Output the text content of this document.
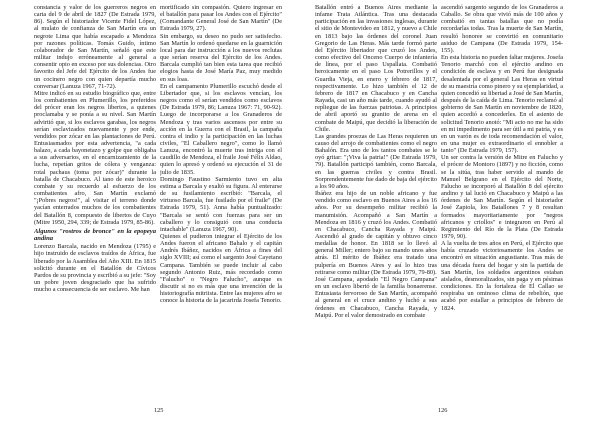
constancia y valor de los guerreros negros en carta del 9 de abril de 1827 (De Estrada 1979, 86). Según el historiador Vicente Fidel López, al mulato de confianza de San Martín era un negrote Lima que había escapado a Mendoza por razones políticas. Tomás Guido, íntimo colaborador de San Martín, señaló que este militar indujo erróneamente al general a consentir opio en exceso por sus dolencias. Otro favorito del Jefe del Ejército de los Andes fue un cocinero negro con quien departía mucho conversar (Lanuza 1967, 71-72).

Mitre indicó en su estudio biográfico que, entre los combatientes en Plumerillo, los preferidos del prócer eran los negros libertos, a quienes proclamaba y se ponía a su nivel. San Martín advirtió que, si los esclavos garabas, los negros serían esclavizados nuevamente y por ende, vendidos por zócar en las plantaciones de Perú. Entusiasmados por esta advertencia, "a cada balazo, a cada bayonetazo y golpe que obligaba a sus adversarios, en el encarnizamiento de la lucha, repetían gritos de cólera y venganza: rotal pachaus (toma por zócar)" durante la batalla de Chacabuco. Al tano de este heroico combate y su recuerdo al esfuerzo de los combatientes afro, San Martín exclamó "¡Pobres negros!", al visitar el terreno donde yacían enterrados muchos de los combatientes del Batallón 8, compuesto de libertos de Cuyo (Mitre 1950, 294, 339; de Estrada 1979, 85-86).

Algunos "rostros de bronce" en la epopeya andina

Lorenzo Barcala, nacido en Mendoza (1795) e hijo instruido de esclavos traídos de África, fue liberado por la Asamblea del Año XIII. En 1815 solicitó durante en el Batallón de Cívicos Pardos de su provincia y escribió a su jefe: "Soy un pobre joven desgraciado que ha sufrido mucho a consecuencia de ser esclavo. Me han

mortificado sin compasión. Quiero ingresar en el batallón para pasar los Andes con el Ejército" (Comandante General José de San Martín" (De Estrada 1979, 27).

Sin embargo, su deseo no pudo ser satisfecho. San Martín lo ordenó quedarse en la guarnición local para dar instrucción a los nuevos reclutas que serían reserva del Ejército de los Andes. Barcala cumplió tan bien esta tarea que recibió elogios hasta de José María Paz, muy medido en sus loas.

En el campamento Plumerillo escuchó desde el Libertador que, si los esclavos vencían, los negros como el serían vendidos como esclavos (De Estrada 1979, 86; Lanuza 1967: 71, 90-92). Luego de incorporarse a los Granaderos de Mendoza y tras varios ascensos por entre su acción en la Guerra con el Brasil, la campaña contra el indio y la participación en las luchas civiles, "El Caballero negro", como lo llamó Lanuza, encontró la muerte tras intriga con el caudillo de Mendoza, el fraile José Félix Aldao, quien lo apresó y ordenó su ejecución el 31 de julio de 1835.

Domingo Faustino Sarmiento tuvo en alta estima a Barcala y exaltó su figura. Al enterarse de su fusilamiento escribió: "Barcala, el virtuoso Barcala, fue fusilado por el fraile" (De Estrada 1979, 51). Anna había puntualizado: "Barcala se sentó con fuerzas para ser un caballero y lo consiguió con una conducta intachable" (Lanuza 1967, 90).

Quienes el pudieron integrar el Ejército de los Andes fueron el africano Bahalo y el capitán Andrés Ibáñez, nacidos en África a fines del siglo XVIII; así como el sargento José Cayetano Campana. También se puede incluir al cabo segundo Antonio Ruiz, más recordado como "Falucho" o "Negro Falucho", aunque es discutir si no es más que una invención de la historiografía mitriista. Entre las mujeres afro se conoce la historia de la jacarirda Josefa Tenorio.

125

Batallón entró a Buenos Aires mediante la infame Trata Atlántica. Tras una destacada participación en las invasiones inglesas, durante el sitio de Montevideo en 1812, y nuevo a Chile en 1813 bajo las órdenes del coronel Juan Gregorio de Las Heras. Más tarde formó parte del Ejército libertador que cruzó los Andes, como efectivo del Onceno Cuerpo de infantería de línea, por el paso Uspallata. Combatió heroicamente en el paso Los Potrerillos y el Guardia Vieja, en enero y febrero de 1817, respectivamente. Lo hizo también el 12 de febrero de 1817 en Chacabuco y en Cancha Rayada, casi un año más tarde, cuando ayudó al repliegue de las fuerzas patriotas. A principios de abril aportó su granito de arena en el combate de Maipú, que decidió la liberación de Chile.

Las grandes proezas de Las Heras requieren un causo del arrojo de combatientes como el negro Bahalón. Era uno de los tantos combates se le oyó gritar: "¡Viva la patria!" (De Estrada 1979, 79). Batallón participó también, como Barcala, en las guerras civiles y contra Brasil. Sorprendentemente fue dado de baja del ejército a los 90 años.

Ibáñez era hijo de un noble africano y fue vendido como esclavo en Buenos Aires a los 16 años. Por su desempeño militar recibió la manumisión. Acompañó a San Martín a Mendoza en 1816 y cruzó los Andes. Combatió en Chacabuco, Cancha Rayada y Maipú. Ascendió al grado de capitán y obtuvo cinco medallas de honor. En 1818 se lo llevó al general Miller; entero bajo su mando unos años atrás. El mérito de Ibáñez era tratado una pulpería en Buenos Aires y así lo hizo tras retirarse como militar (De Estrada 1979, 79-80).

José Campana, apodado "El Negro Campana" en un esclavo libertó de la familia bonaerense. Entusiasta fervoroso de San Martín, acompañó al general en el cruce andino y luchó a sus órdenes en Chacabuco, Cancha Rayada, y Maipú. Por el valor demostrado en combate

ascendió sargento segundo de los Granaderos a Caballo. Se obra que vivió más de 100 años y combatió en tantas batallas que no podía recordarlas todas. Tras la muerte de San Martín, resultó honoree se convirtió en comunitario asiduo de Campana (De Estrada 1979, 154-155).

En esta historia no pueden faltar mujeres. Josefa Tenorio marchó con el ejército andino en condición de esclava y en Perú fue designada desalentada por el general Las Heras en virtud de su maestría como pinero y su ejemplaridad, a quien concedió su libertad a José de San Martín, después de la caída de Lima. Tenorio reclamó al gobierno de San Martín en noviembre de 1820, quien accedió a concederles. En el asiento de solicitud Tenorio anotó: "Mi acto no me ha sido en mi impedimento para ser útil a mi patria, y es en un varón es de toda recomendación el valor, en una mujer es extraordinario el ennobler a tanto" (De Estrada 1979, 157).

Un ser contra la versión de Mitre en Falucho y el prócer de Montoro (1897) y no ficción, como se la sitúa, tras haber servido al mando de Manuel Belgrano en el Ejército del Norte, Falucho se incorporó al Batallón 8 del ejército andino y tal lució en Chacabuco y Maipú a las órdenes de San Martín. Según el historiador José Zapiola, los Batallones 7 y 8 resultan formados mayoritariamente por "negros africanos y criollos" e integraron en Perú al Regimiento del Río de la Plata (De Estrada 1979, 90).

A la vuelta de tres años en Perú, el Ejército que había cruzado victoriosamente los Andes se encontró en situación angustiante. Tras más de una década fuera del hogar y sin la partida de San Martín, los soldados argentinos estaban aislados, desmoralizados, sin paga y en pésimas condiciones. En la fortaleza de El Callao se respiraba un ominoso clima de rebelión, que acabó por estallar a principios de febrero de 1824.

126
